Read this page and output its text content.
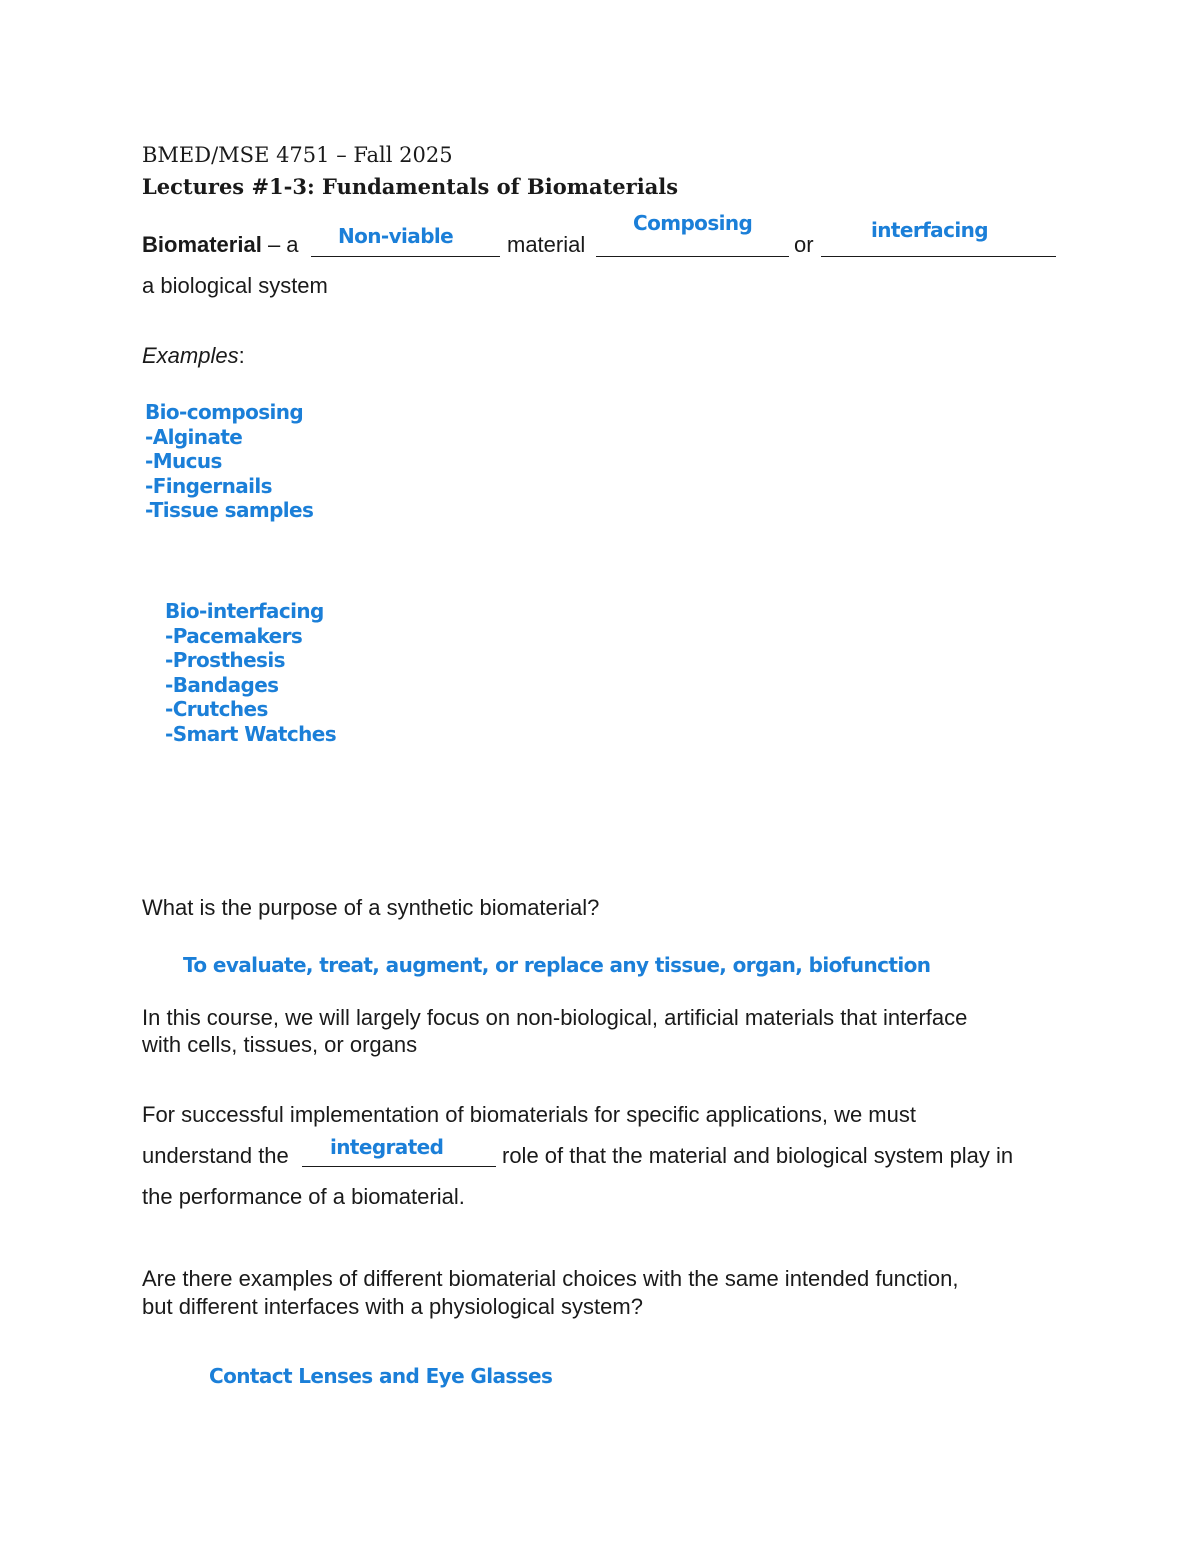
BMED/MSE 4751 – Fall 2025
Lectures #1-3: Fundamentals of Biomaterials
Biomaterial – a Non-viable material
Composing
or
interfacing
a biological system
Examples:
Bio-composing
-Alginate
-Mucus
-Fingernails
-Tissue samples
Bio-interfacing
-Pacemakers
-Prosthesis
-Bandages
-Crutches
-Smart Watches
What is the purpose of a synthetic biomaterial?
To evaluate, treat, augment, or replace any tissue, organ, biofunction
In this course, we will largely focus on non-biological, artificial materials that interface
with cells, tissues, or organs
For successful implementation of biomaterials for specific applications, we must
understand the integrated	role of that the material and biological system play in
the performance of a biomaterial.
Are there examples of different biomaterial choices with the same intended function,
but different interfaces with a physiological system?
Contact Lenses and Eye Glasses
